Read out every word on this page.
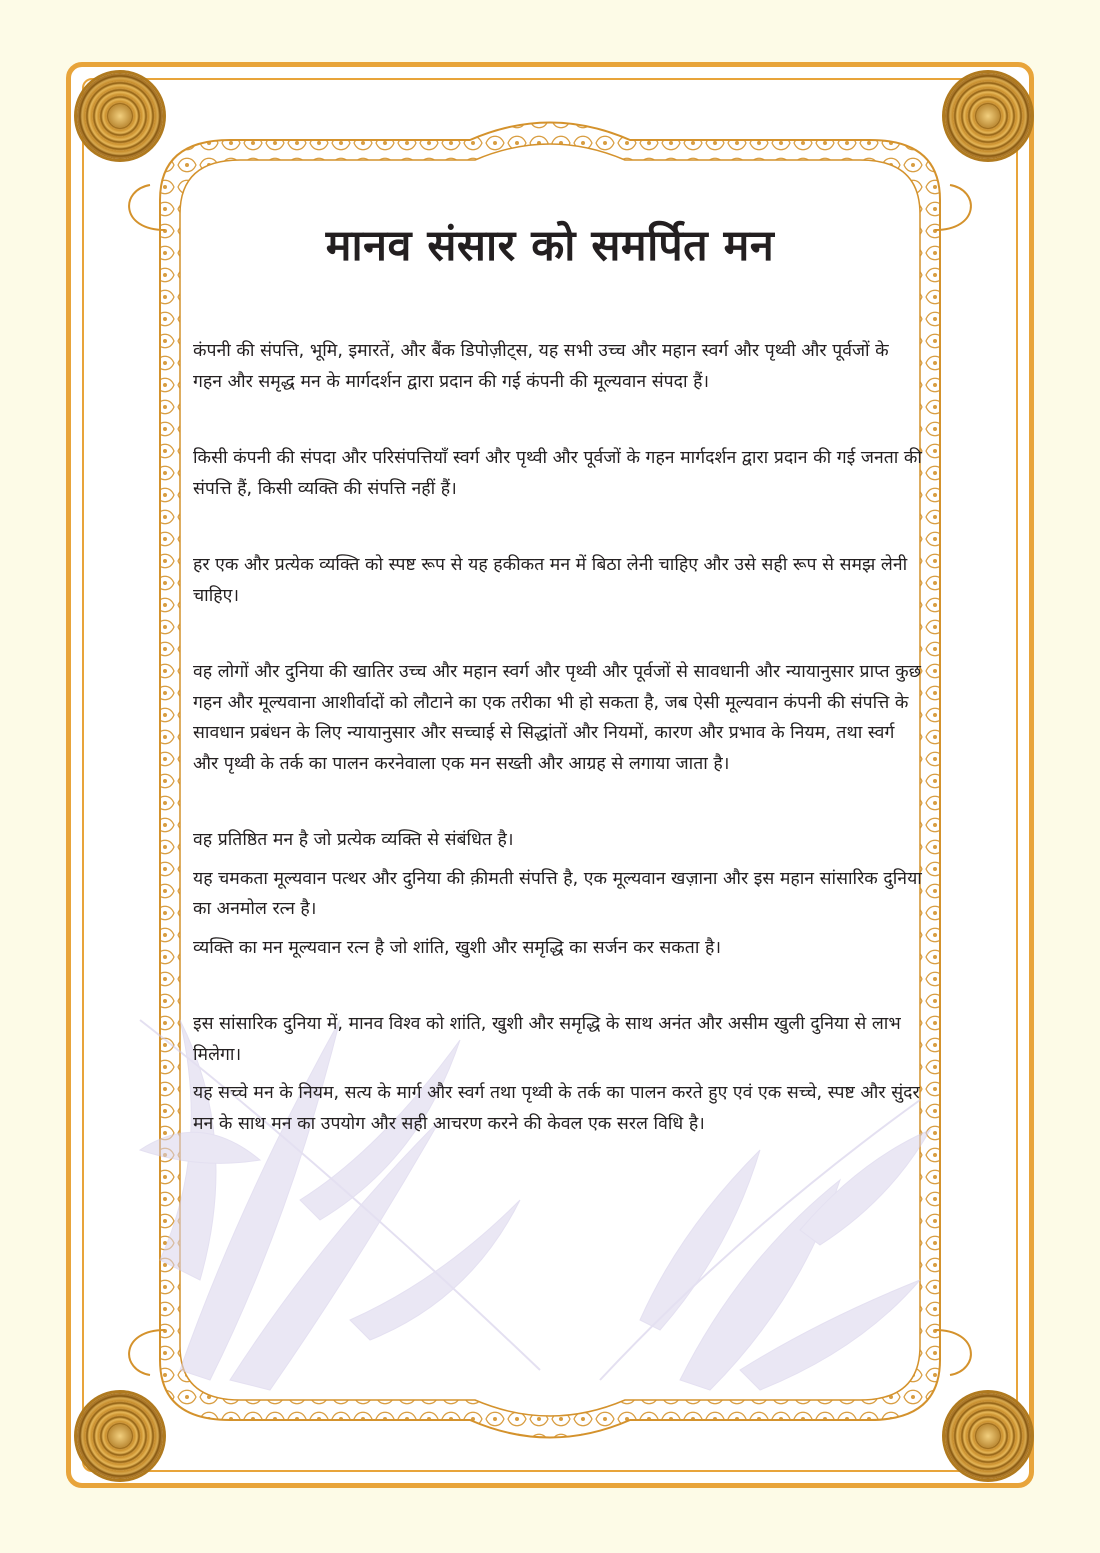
मानव संसार को समर्पित मन

कंपनी की संपत्ति, भूमि, इमारतें, और बैंक डिपोज़ीट्स, यह सभी उच्च और महान स्वर्ग और पृथ्वी और पूर्वजों के गहन और समृद्ध मन के मार्गदर्शन द्वारा प्रदान की गई कंपनी की मूल्यवान संपदा हैं।

किसी कंपनी की संपदा और परिसंपत्तियाँ स्वर्ग और पृथ्वी और पूर्वजों के गहन मार्गदर्शन द्वारा प्रदान की गई जनता की संपत्ति हैं, किसी व्यक्ति की संपत्ति नहीं हैं।

हर एक और प्रत्येक व्यक्ति को स्पष्ट रूप से यह हकीकत मन में बिठा लेनी चाहिए और उसे सही रूप से समझ लेनी चाहिए।

वह लोगों और दुनिया की खातिर उच्च और महान स्वर्ग और पृथ्वी और पूर्वजों से सावधानी और न्यायानुसार प्राप्त कुछ गहन और मूल्यवाना आशीर्वादों को लौटाने का एक तरीका भी हो सकता है, जब ऐसी मूल्यवान कंपनी की संपत्ति के सावधान प्रबंधन के लिए न्यायानुसार और सच्चाई से सिद्धांतों और नियमों, कारण और प्रभाव के नियम, तथा स्वर्ग और पृथ्वी के तर्क का पालन करनेवाला एक मन सख्ती और आग्रह से लगाया जाता है।

वह प्रतिष्ठित मन है जो प्रत्येक व्यक्ति से संबंधित है।

यह चमकता मूल्यवान पत्थर और दुनिया की क़ीमती संपत्ति है, एक मूल्यवान खज़ाना और इस महान सांसारिक दुनिया का अनमोल रत्न है।

व्यक्ति का मन मूल्यवान रत्न है जो शांति, खुशी और समृद्धि का सर्जन कर सकता है।

इस सांसारिक दुनिया में, मानव विश्व को शांति, खुशी और समृद्धि के साथ अनंत और असीम खुली दुनिया से लाभ मिलेगा।

यह सच्चे मन के नियम, सत्य के मार्ग और स्वर्ग तथा पृथ्वी के तर्क का पालन करते हुए एवं एक सच्चे, स्पष्ट और सुंदर मन के साथ मन का उपयोग और सही आचरण करने की केवल एक सरल विधि है।
